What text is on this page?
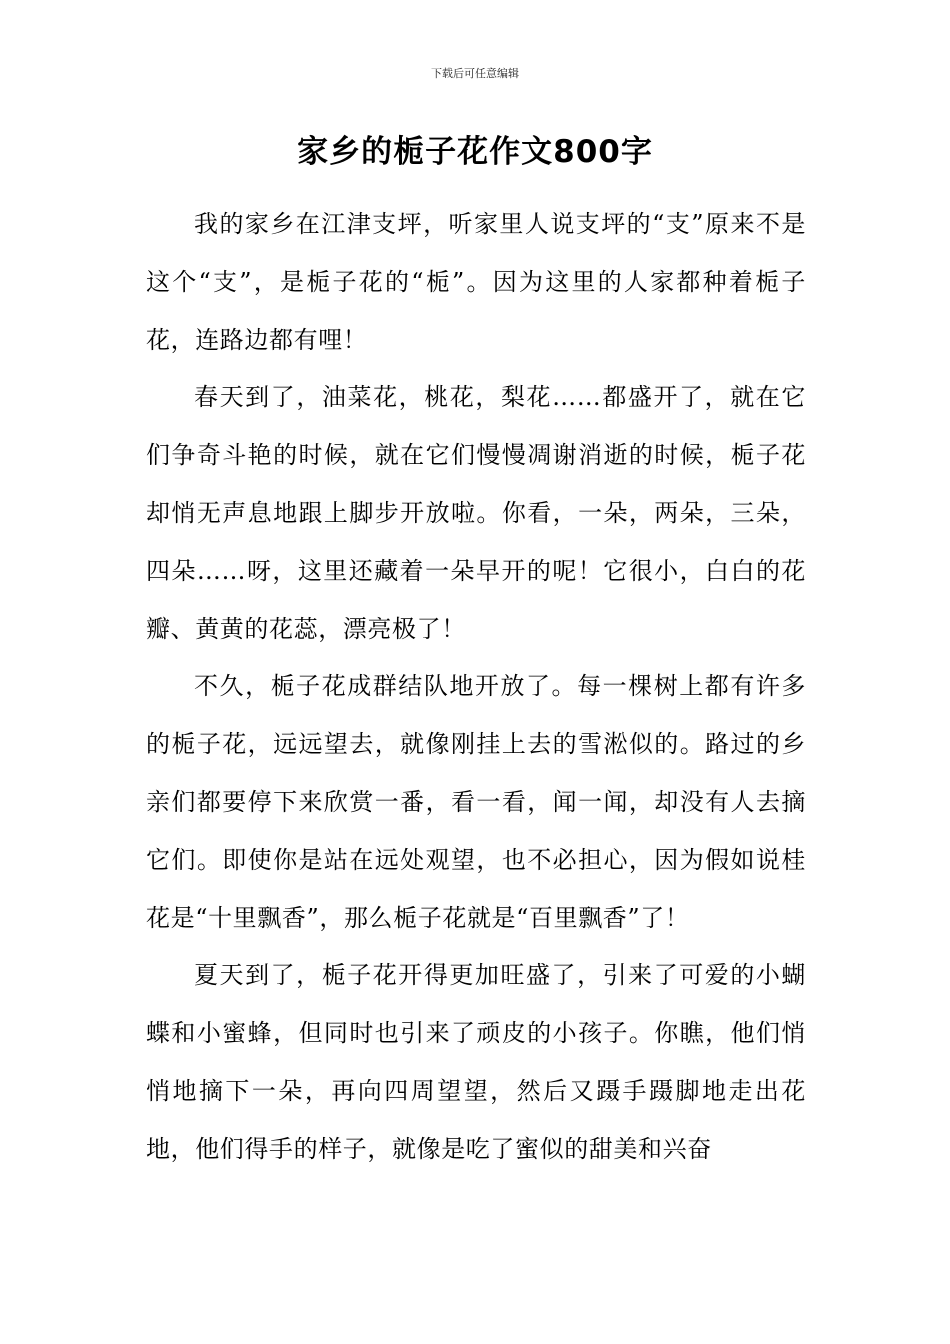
下载后可任意编辑
家乡的栀子花作文800字

我的家乡在江津支坪，听家里人说支坪的“支”原来不是这个“支”，是栀子花的“栀”。因为这里的人家都种着栀子花，连路边都有哩！

春天到了，油菜花，桃花，梨花……都盛开了，就在它们争奇斗艳的时候，就在它们慢慢凋谢消逝的时候，栀子花却悄无声息地跟上脚步开放啦。你看，一朵，两朵，三朵，四朵……呀，这里还藏着一朵早开的呢！它很小，白白的花瓣、黄黄的花蕊，漂亮极了！

不久，栀子花成群结队地开放了。每一棵树上都有许多的栀子花，远远望去，就像刚挂上去的雪淞似的。路过的乡亲们都要停下来欣赏一番，看一看，闻一闻，却没有人去摘它们。即使你是站在远处观望，也不必担心，因为假如说桂花是“十里飘香”，那么栀子花就是“百里飘香”了！

夏天到了，栀子花开得更加旺盛了，引来了可爱的小蝴蝶和小蜜蜂，但同时也引来了顽皮的小孩子。你瞧，他们悄悄地摘下一朵，再向四周望望，然后又蹑手蹑脚地走出花地，他们得手的样子，就像是吃了蜜似的甜美和兴奋
